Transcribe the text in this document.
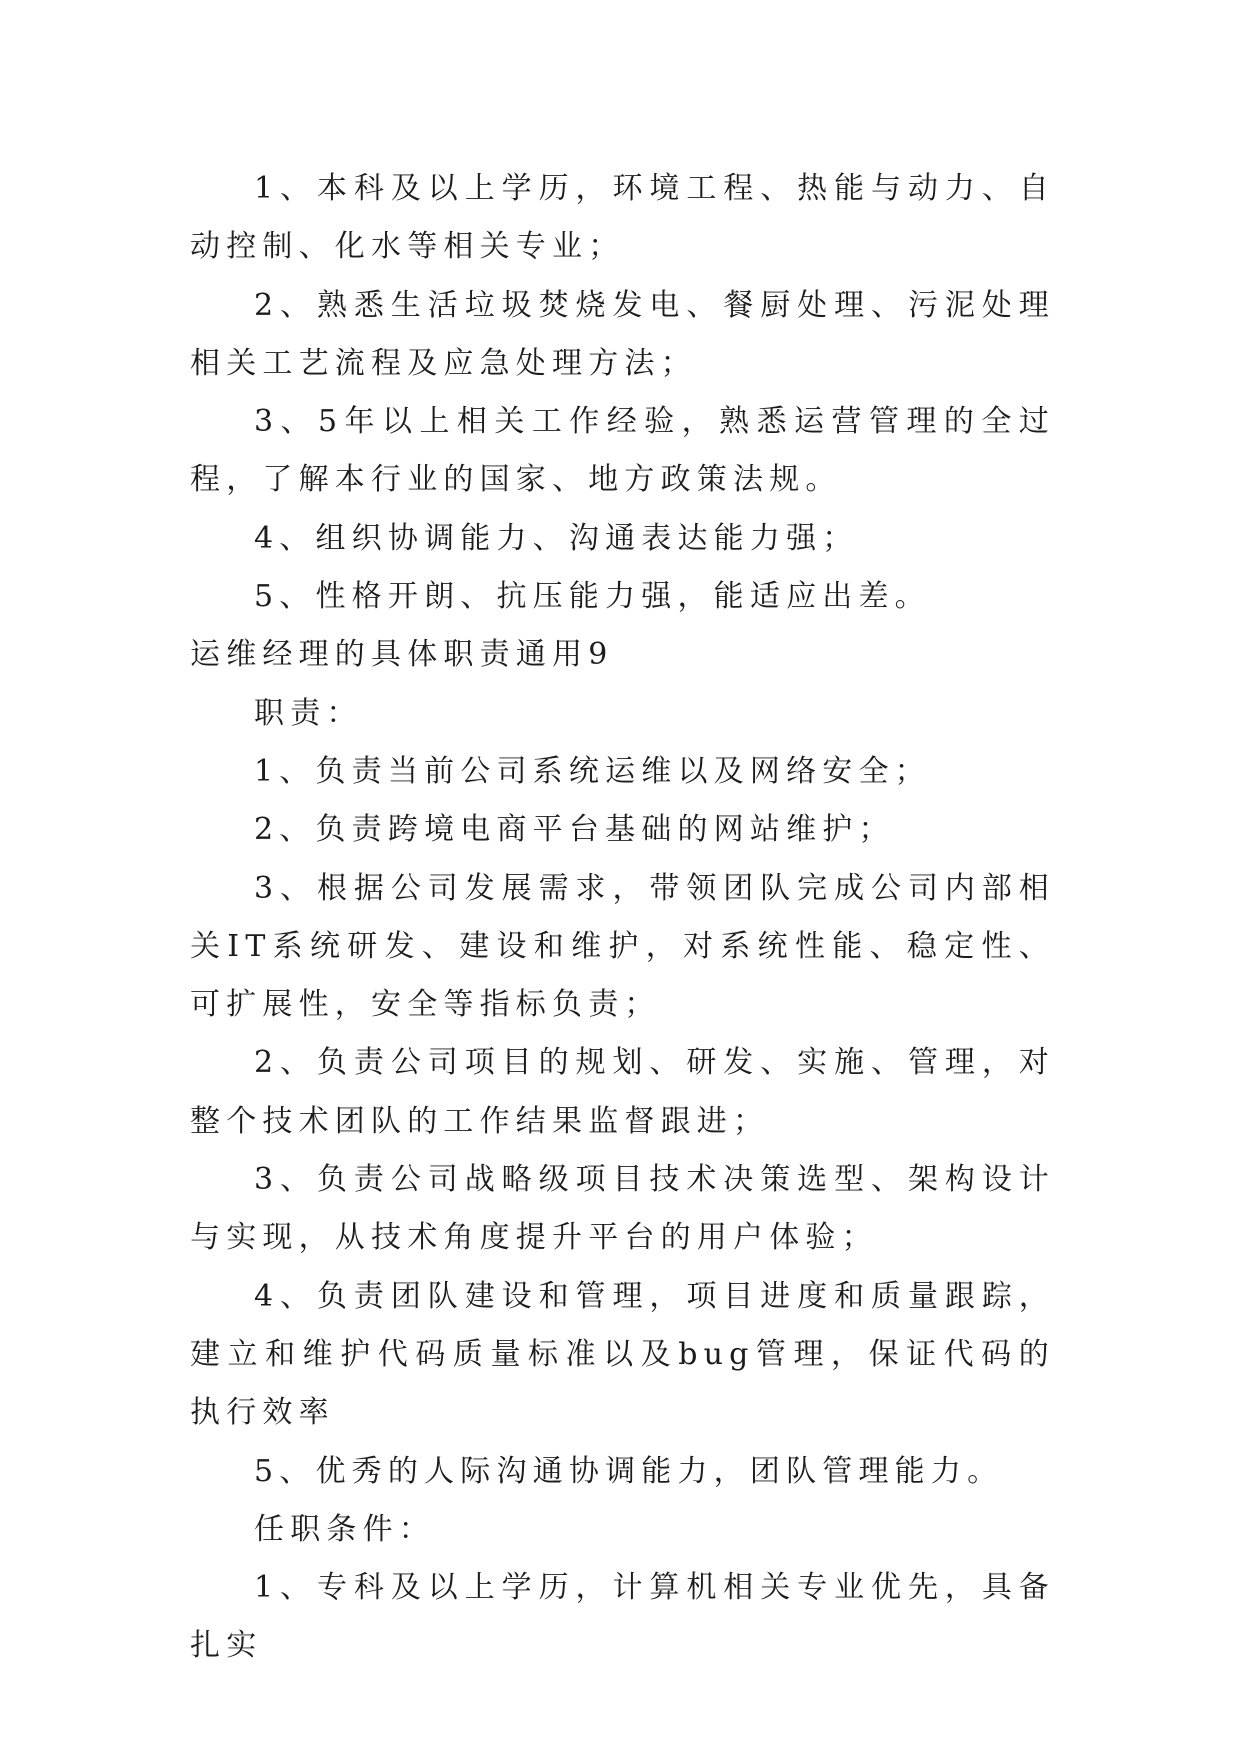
1、本科及以上学历，环境工程、热能与动力、自动控制、化水等相关专业；

2、熟悉生活垃圾焚烧发电、餐厨处理、污泥处理相关工艺流程及应急处理方法；

3、5年以上相关工作经验，熟悉运营管理的全过程，了解本行业的国家、地方政策法规。

4、组织协调能力、沟通表达能力强；

5、性格开朗、抗压能力强，能适应出差。

运维经理的具体职责通用9

职责：

1、负责当前公司系统运维以及网络安全；

2、负责跨境电商平台基础的网站维护；

3、根据公司发展需求，带领团队完成公司内部相关IT系统研发、建设和维护，对系统性能、稳定性、可扩展性，安全等指标负责；

2、负责公司项目的规划、研发、实施、管理，对整个技术团队的工作结果监督跟进；

3、负责公司战略级项目技术决策选型、架构设计与实现，从技术角度提升平台的用户体验；

4、负责团队建设和管理，项目进度和质量跟踪，建立和维护代码质量标准以及bug管理，保证代码的执行效率

5、优秀的人际沟通协调能力，团队管理能力。

任职条件：

1、专科及以上学历，计算机相关专业优先，具备扎实
